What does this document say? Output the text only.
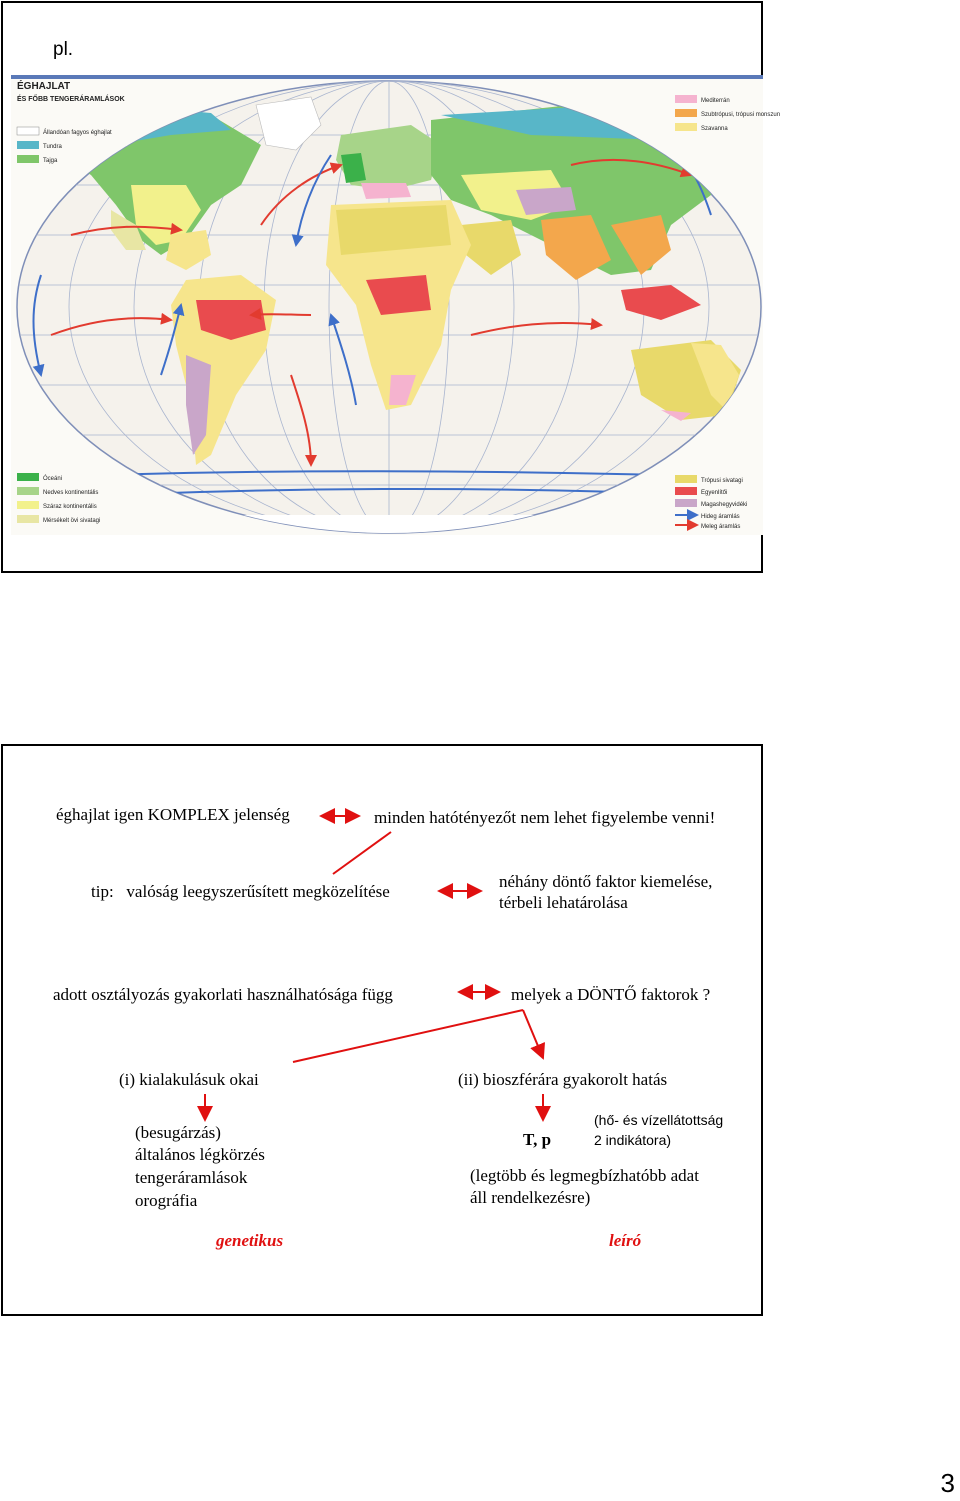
pl.
ÉGHAJLAT
ÉS FŐBB TENGERÁRAMLÁSOK
Állandóan fagyos éghajlat
Tundra
Tajga
Mediterrán
Szubtrópusi, trópusi monszun
Szavanna
Óceáni
Nedves kontinentális
Száraz kontinentális
Mérsékelt övi sivatagi
Trópusi sivatagi
Egyenlítői
Magashegyvidéki
Hideg áramlás
Meleg áramlás
éghajlat igen KOMPLEX jelenség	minden hatótényezőt nem lehet figyelembe venni!
tip:   valóság leegyszerűsített megközelítése
néhány döntő faktor kiemelése,
térbeli lehatárolása
adott osztályozás gyakorlati használhatósága függ	melyek a DÖNTŐ faktorok ?
(i) kialakulásuk okai	(ii) bioszférára gyakorolt hatás
(besugárzás)
általános légkörzés
tengeráramlások
orográfia
T, p
(hő- és vízellátottság
2 indikátora)
(legtöbb és legmegbízhatóbb adat
áll rendelkezésre)
genetikus	leíró
3
